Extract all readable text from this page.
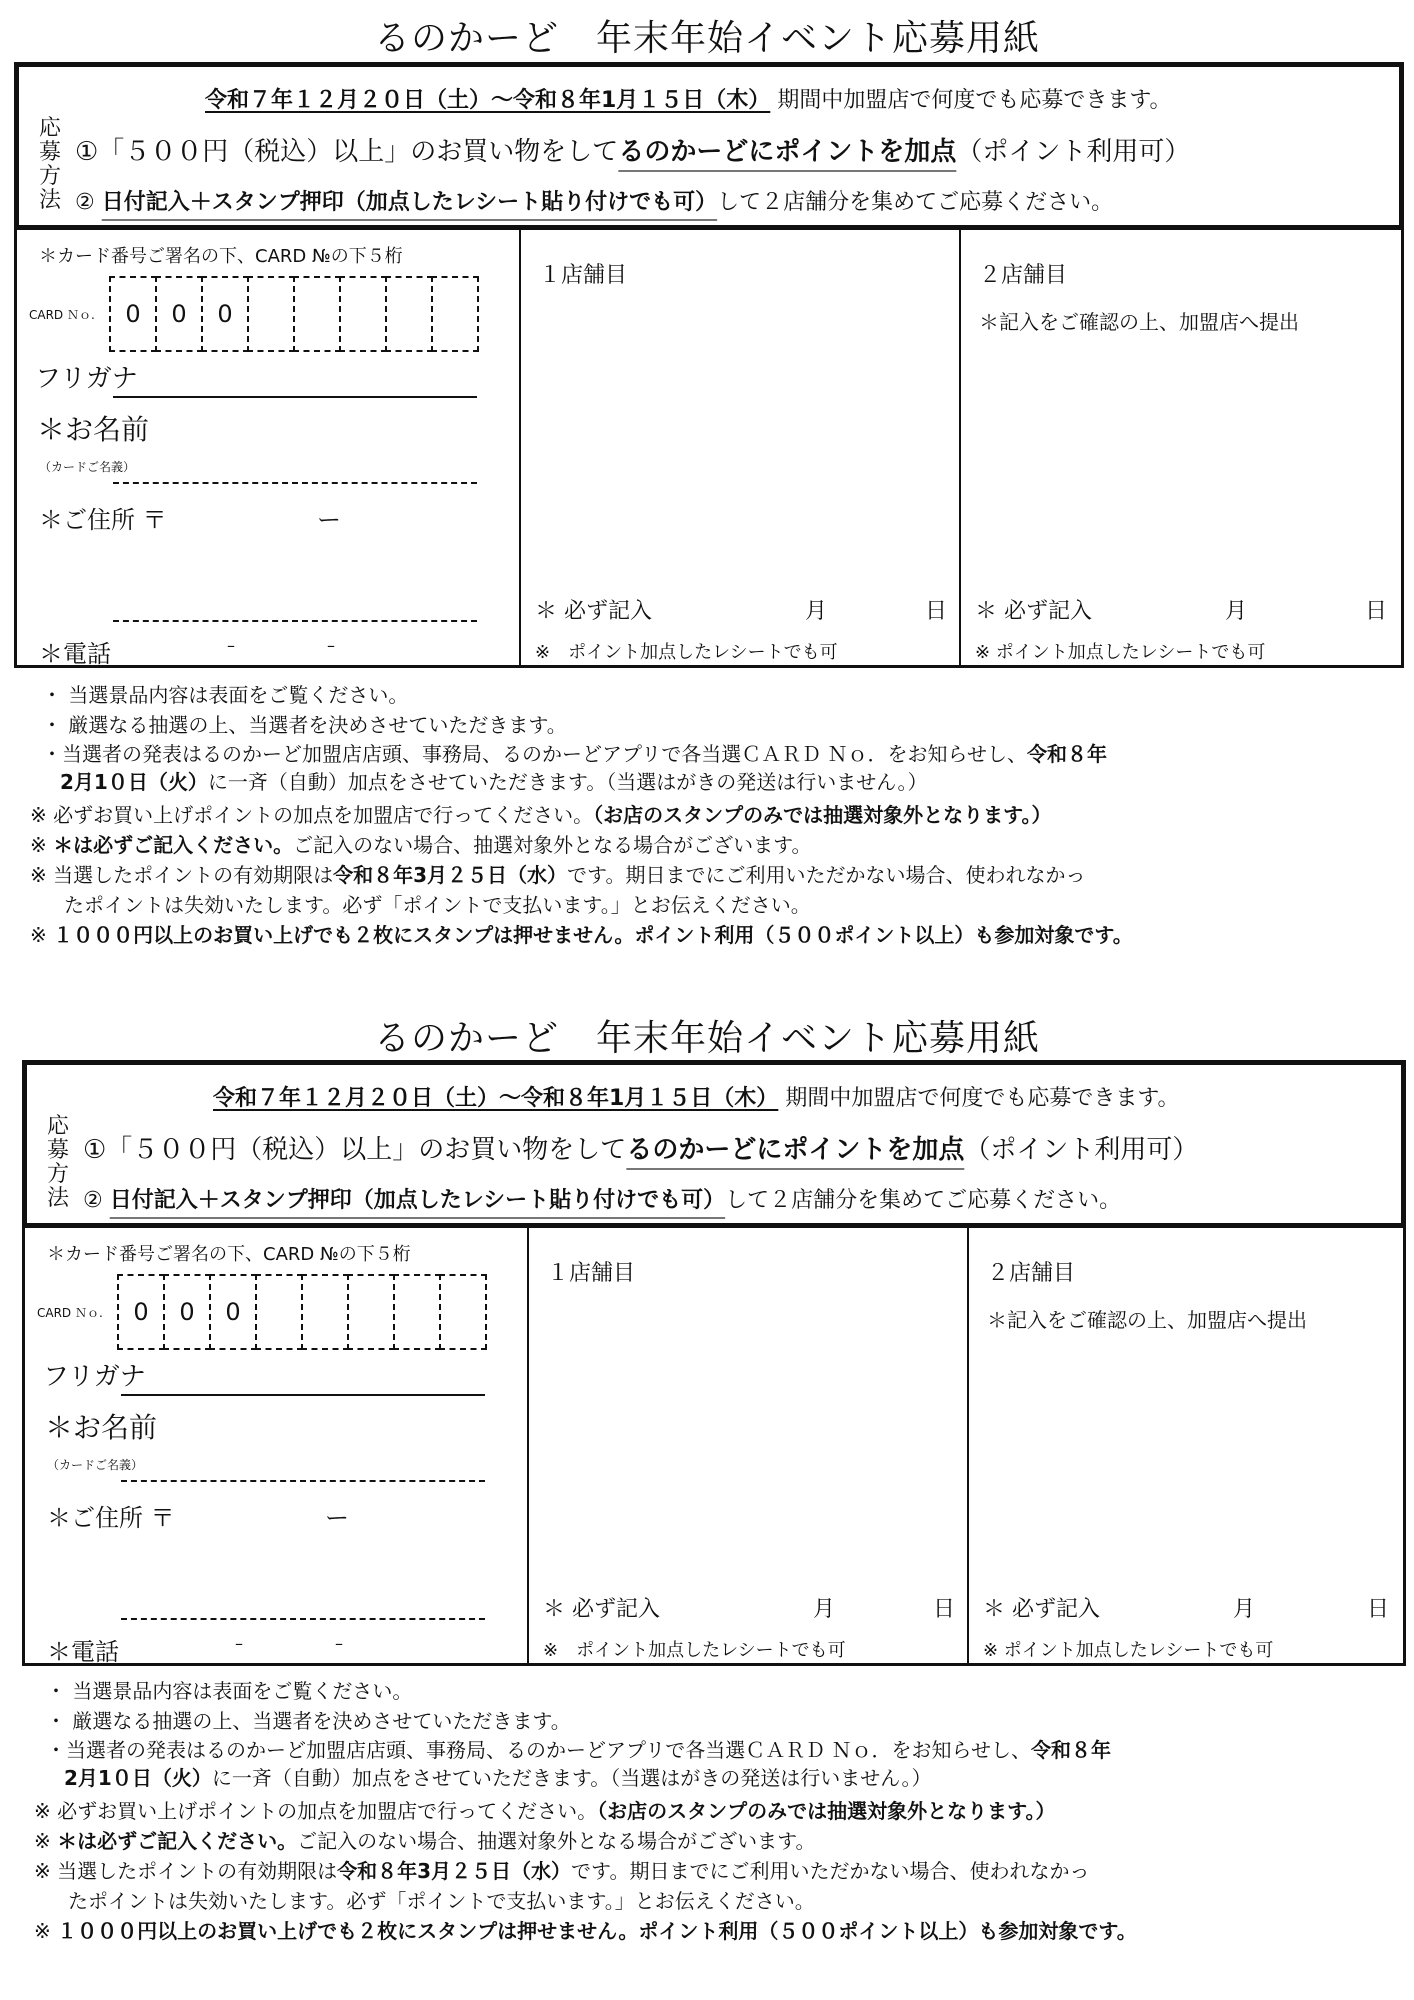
るのかーど　年末年始イベント応募用紙
応募方法
令和７年１２月２０日（土）～令和８年1月１５日（木） 期間中加盟店で何度でも応募できます。
①「５００円（税込）以上」のお買い物をしてるのかーどにポイントを加点（ポイント利用可）
② 日付記入＋スタンプ押印（加点したレシート貼り付けでも可）して２店舗分を集めてご応募ください。
＊カード番号ご署名の下、CARD №の下５桁
CARD Ｎｏ.	0	0	0
フリガナ
＊お名前
（カードご名義）
＊ご住所 〒	ー
＊電話	–	–
１店舗目
＊ 必ず記入	月	日
※　ポイント加点したレシートでも可
２店舗目
＊記入をご確認の上、加盟店へ提出
＊ 必ず記入	月	日
※ ポイント加点したレシートでも可
・ 当選景品内容は表面をご覧ください。
・ 厳選なる抽選の上、当選者を決めさせていただきます。
・当選者の発表はるのかーど加盟店店頭、事務局、るのかーどアプリで各当選ＣＡＲＤ Ｎｏ．をお知らせし、令和８年
2月1０日（火）に一斉（自動）加点をさせていただきます。（当選はがきの発送は行いません。）
※ 必ずお買い上げポイントの加点を加盟店で行ってください。（お店のスタンプのみでは抽選対象外となります。）
※ ＊は必ずご記入ください。ご記入のない場合、抽選対象外となる場合がございます。
※ 当選したポイントの有効期限は令和８年3月２５日（水）です。期日までにご利用いただかない場合、使われなかっ
たポイントは失効いたします。必ず「ポイントで支払います。」とお伝えください。
※ １０００円以上のお買い上げでも２枚にスタンプは押せません。ポイント利用（５００ポイント以上）も参加対象です。
るのかーど　年末年始イベント応募用紙
応募方法
令和７年１２月２０日（土）～令和８年1月１５日（木） 期間中加盟店で何度でも応募できます。
①「５００円（税込）以上」のお買い物をしてるのかーどにポイントを加点（ポイント利用可）
② 日付記入＋スタンプ押印（加点したレシート貼り付けでも可）して２店舗分を集めてご応募ください。
＊カード番号ご署名の下、CARD №の下５桁
CARD Ｎｏ.	0	0	0
フリガナ
＊お名前
（カードご名義）
＊ご住所 〒	ー
＊電話	–	–
１店舗目
＊ 必ず記入	月	日
※　ポイント加点したレシートでも可
２店舗目
＊記入をご確認の上、加盟店へ提出
＊ 必ず記入	月	日
※ ポイント加点したレシートでも可
・ 当選景品内容は表面をご覧ください。
・ 厳選なる抽選の上、当選者を決めさせていただきます。
・当選者の発表はるのかーど加盟店店頭、事務局、るのかーどアプリで各当選ＣＡＲＤ Ｎｏ．をお知らせし、令和８年
2月1０日（火）に一斉（自動）加点をさせていただきます。（当選はがきの発送は行いません。）
※ 必ずお買い上げポイントの加点を加盟店で行ってください。（お店のスタンプのみでは抽選対象外となります。）
※ ＊は必ずご記入ください。ご記入のない場合、抽選対象外となる場合がございます。
※ 当選したポイントの有効期限は令和８年3月２５日（水）です。期日までにご利用いただかない場合、使われなかっ
たポイントは失効いたします。必ず「ポイントで支払います。」とお伝えください。
※ １０００円以上のお買い上げでも２枚にスタンプは押せません。ポイント利用（５００ポイント以上）も参加対象です。
